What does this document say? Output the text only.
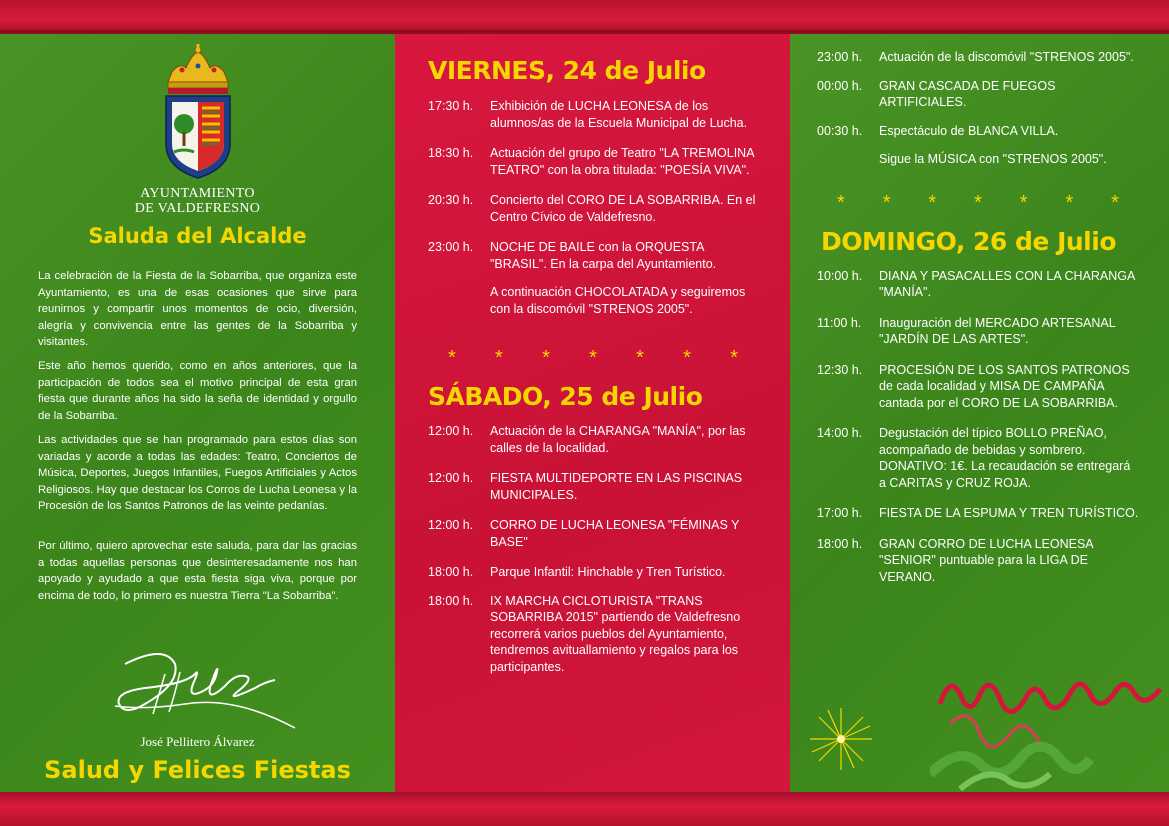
AYUNTAMIENTO
DE VALDEFRESNO
Saluda del Alcalde
La celebración de la Fiesta de la Sobarriba, que organiza este Ayuntamiento, es una de esas ocasiones que sirve para reunirnos y compartir unos momentos de ocio, diversión, alegría y convivencia entre las gentes de la Sobarriba y visitantes.
Este año hemos querido, como en años anteriores, que la participación de todos sea el motivo principal de esta gran fiesta que durante años ha sido la seña de identidad y orgullo de la Sobarriba.
Las actividades que se han programado para estos días son variadas y acorde a todas las edades: Teatro, Conciertos de Música, Deportes, Juegos Infantiles, Fuegos Artificiales y Actos Religiosos. Hay que destacar los Corros de Lucha Leonesa y la Procesión de los Santos Patronos de las veinte pedanías.
Por último, quiero aprovechar este saluda, para dar las gracias a todas aquellas personas que desinteresadamente nos han apoyado y ayudado a que esta fiesta siga viva, porque por encima de todo, lo primero es nuestra Tierra "La Sobarriba".
José Pellitero Álvarez
Salud y Felices Fiestas
VIERNES, 24 de Julio
17:30 h.	Exhibición de LUCHA LEONESA de los alumnos/as de la Escuela Municipal de Lucha.
18:30 h.	Actuación del grupo de Teatro "LA TREMOLINA TEATRO" con la obra titulada: "POESÍA VIVA".
20:30 h.	Concierto del CORO DE LA SOBARRIBA. En el Centro Cívico de Valdefresno.
23:00 h.	NOCHE DE BAILE con la ORQUESTA "BRASIL". En la carpa del Ayuntamiento.
A continuación CHOCOLATADA y seguiremos con la discomóvil "STRENOS 2005".
* * * * * * *
SÁBADO, 25 de Julio
12:00 h.	Actuación de la CHARANGA "MANÍA", por las calles de la localidad.
12:00 h.	FIESTA MULTIDEPORTE EN LAS PISCINAS MUNICIPALES.
12:00 h.	CORRO DE LUCHA LEONESA "FÉMINAS Y BASE"
18:00 h.	Parque Infantil: Hinchable y Tren Turístico.
18:00 h.	IX MARCHA CICLOTURISTA "TRANS SOBARRIBA 2015" partiendo de Valdefresno recorrerá varios pueblos del Ayuntamiento, tendremos avituallamiento y regalos para los participantes.
23:00 h.	Actuación de la discomóvil "STRENOS 2005".
00:00 h.	GRAN CASCADA DE FUEGOS ARTIFICIALES.
00:30 h.	Espectáculo de BLANCA VILLA.
Sigue la MÚSICA con "STRENOS 2005".
* * * * * * *
DOMINGO, 26 de Julio
10:00 h.	DIANA Y PASACALLES CON LA CHARANGA "MANÍA".
11:00 h.	Inauguración del MERCADO ARTESANAL "JARDÍN DE LAS ARTES".
12:30 h.	PROCESIÓN DE LOS SANTOS PATRONOS de cada localidad y MISA DE CAMPAÑA cantada por el CORO DE LA SOBARRIBA.
14:00 h.	Degustación del típico BOLLO PREÑAO, acompañado de bebidas y sombrero. DONATIVO: 1€. La recaudación se entregará a CARITAS y CRUZ ROJA.
17:00 h.	FIESTA DE LA ESPUMA Y TREN TURÍSTICO.
18:00 h.	GRAN CORRO DE LUCHA LEONESA "SENIOR" puntuable para la LIGA DE VERANO.
